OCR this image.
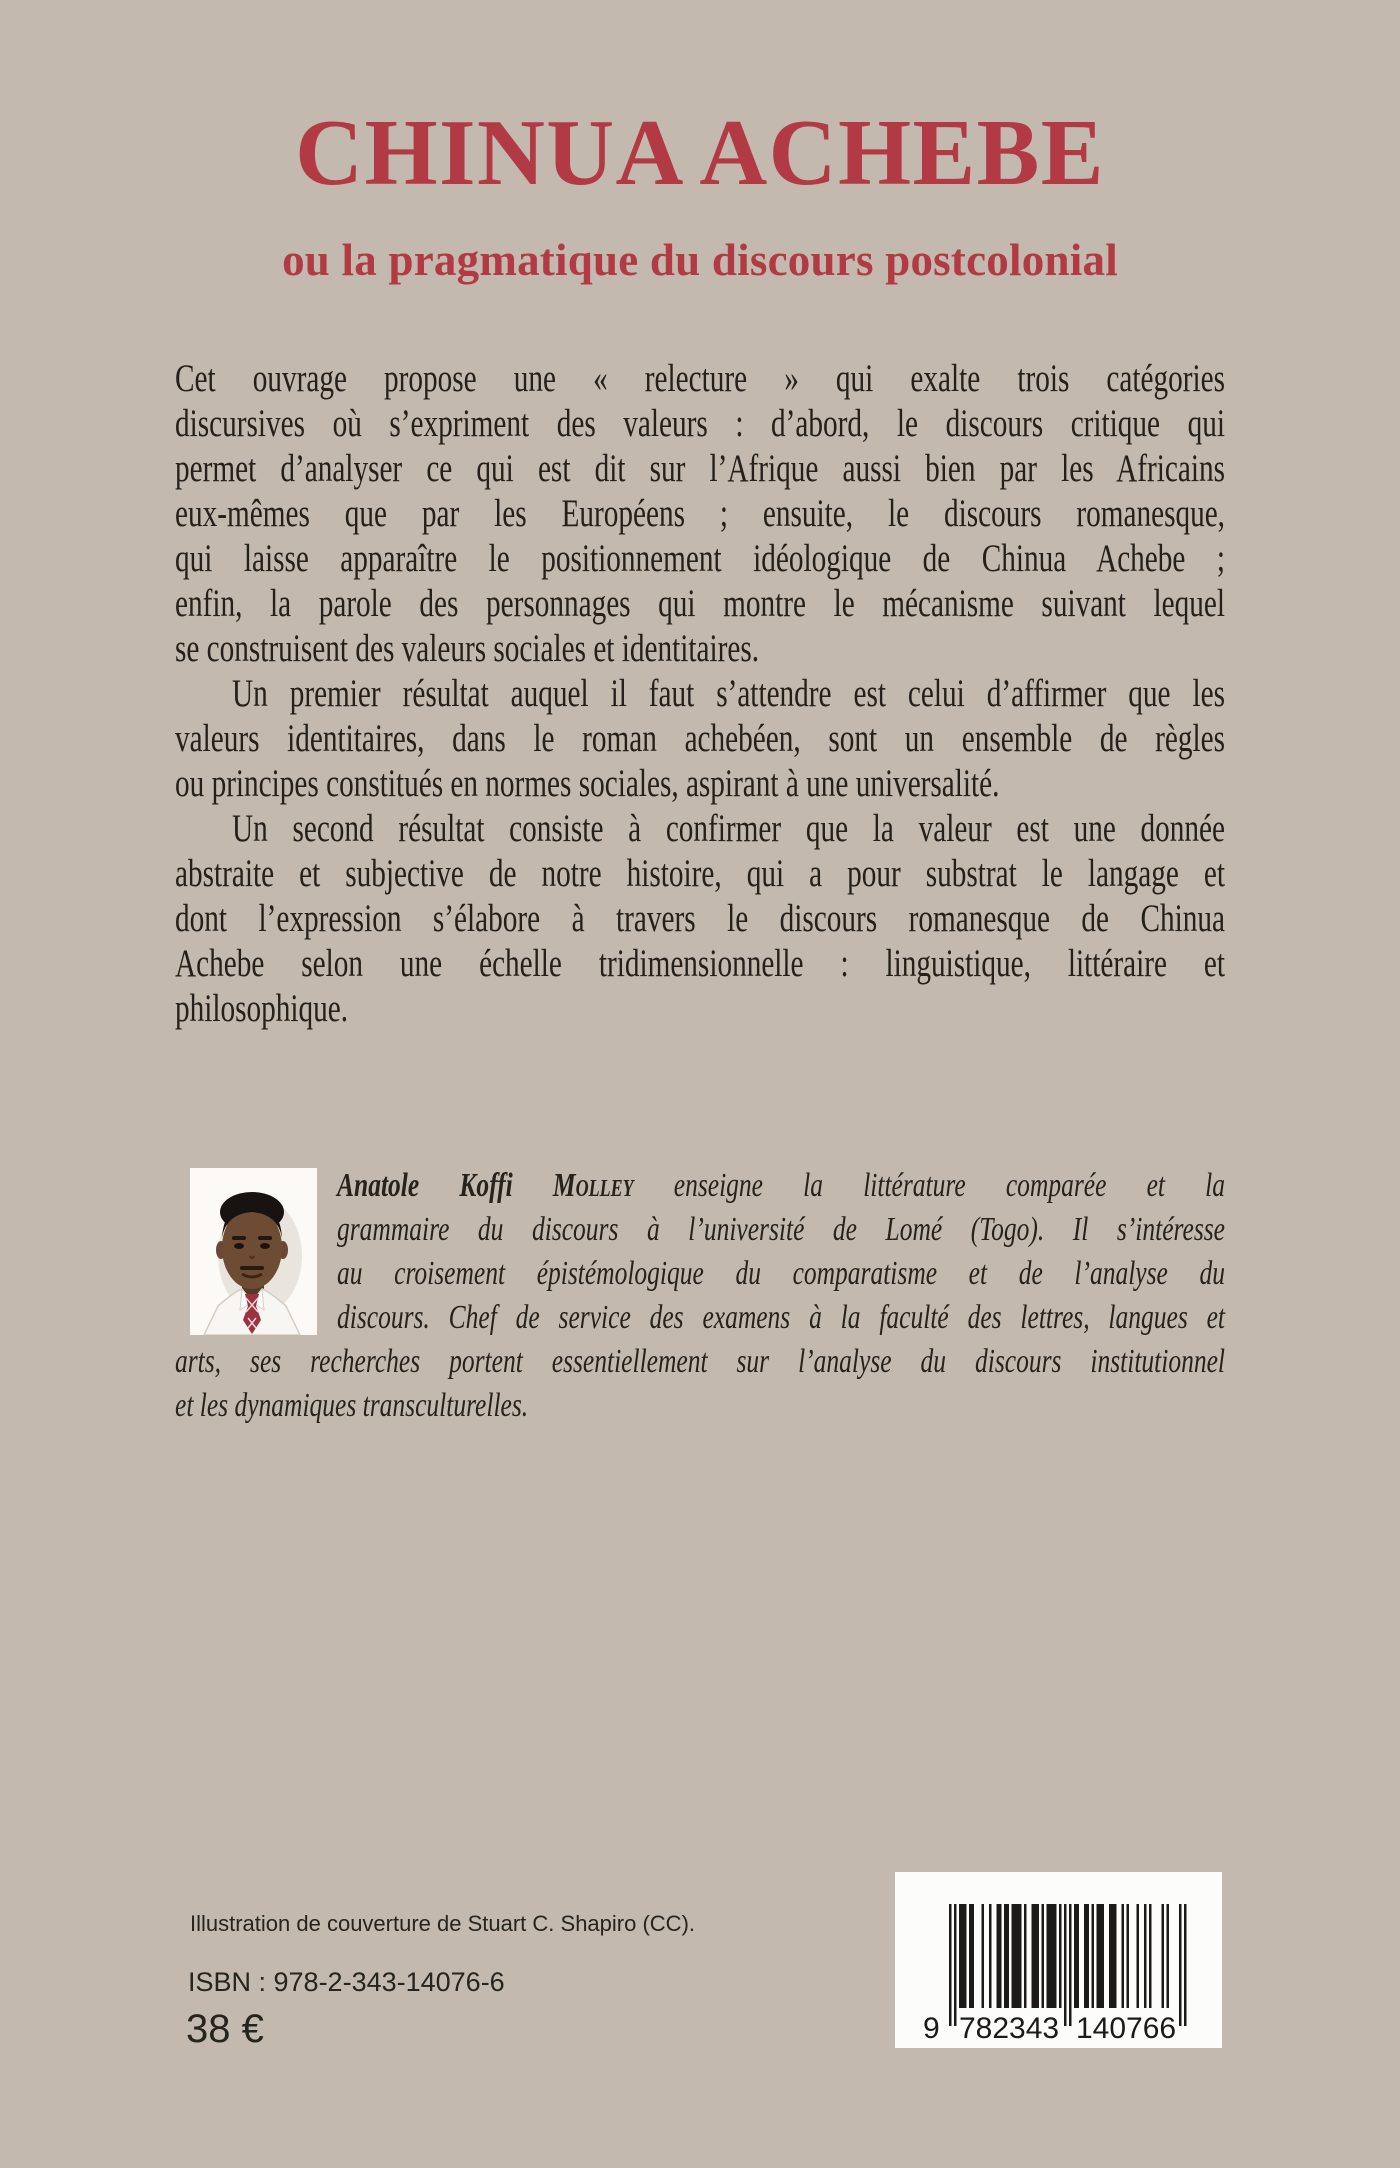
CHINUA ACHEBE
ou la pragmatique du discours postcolonial
Cet ouvrage propose une « relecture » qui exalte trois catégories
discursives où s’expriment des valeurs : d’abord, le discours critique qui
permet d’analyser ce qui est dit sur l’Afrique aussi bien par les Africains
eux-mêmes que par les Européens ; ensuite, le discours romanesque,
qui laisse apparaître le positionnement idéologique de Chinua Achebe ;
enfin, la parole des personnages qui montre le mécanisme suivant lequel
se construisent des valeurs sociales et identitaires.
Un premier résultat auquel il faut s’attendre est celui d’affirmer que les
valeurs identitaires, dans le roman achebéen, sont un ensemble de règles
ou principes constitués en normes sociales, aspirant à une universalité.
Un second résultat consiste à confirmer que la valeur est une donnée
abstraite et subjective de notre histoire, qui a pour substrat le langage et
dont l’expression s’élabore à travers le discours romanesque de Chinua
Achebe selon une échelle tridimensionnelle : linguistique, littéraire et
philosophique.
Anatole Koffi Molley enseigne la littérature comparée et la
grammaire du discours à l’université de Lomé (Togo). Il s’intéresse
au croisement épistémologique du comparatisme et de l’analyse du
discours. Chef de service des examens à la faculté des lettres, langues et
arts, ses recherches portent essentiellement sur l’analyse du discours institutionnel
et les dynamiques transculturelles.
Illustration de couverture de Stuart C. Shapiro (CC).
ISBN : 978-2-343-14076-6
38 €	9 782343 140766
